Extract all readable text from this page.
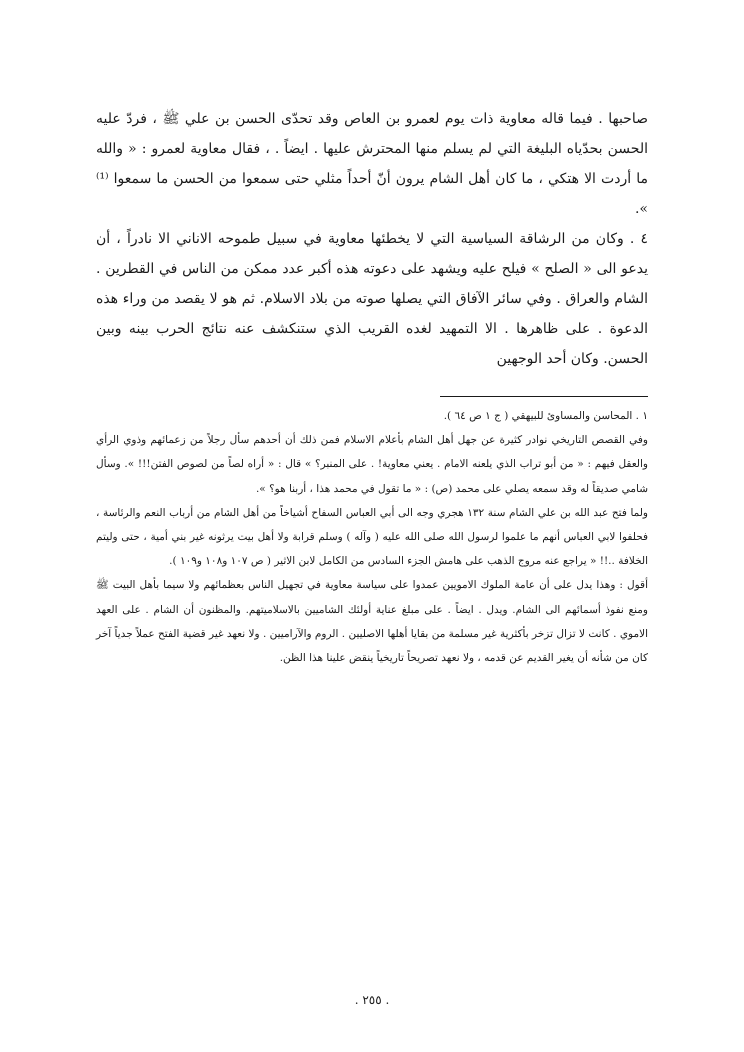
صاحبها . فيما قاله معاوية ذات يوم لعمرو بن العاص وقد تحدّى الحسن بن علي ﷺ ، فردّ عليه الحسن بحدّياه البليغة التي لم يسلم منها المحترش عليها . ايضاً . ، فقال معاوية لعمرو : « والله ما أردت الا هتكي ، ما كان أهل الشام يرون أنّ أحداً مثلي حتى سمعوا من الحسن ما سمعوا ⁽¹⁾ ».

٤ . وكان من الرشاقة السياسية التي لا يخطئها معاوية في سبيل طموحه الاناني الا نادراً ، أن يدعو الى « الصلح » فيلح عليه ويشهد على دعوته هذه أكبر عدد ممكن من الناس في القطرين . الشام والعراق . وفي سائر الآفاق التي يصلها صوته من بلاد الاسلام. ثم هو لا يقصد من وراء هذه الدعوة . على ظاهرها . الا التمهيد لغده القريب الذي ستنكشف عنه نتائج الحرب بينه وبين الحسن. وكان أحد الوجهين

١ . المحاسن والمساوئ للبيهقي ( ج ١ ص ٦٤ ).

وفي القصص التاريخي نوادر كثيرة عن جهل أهل الشام بأعلام الاسلام فمن ذلك أن أحدهم سأل رجلاً من زعمائهم وذوي الرأي والعقل فيهم : « من أبو تراب الذي يلعنه الامام . يعني معاوية! . على المنبر؟ » قال : « أراه لصاً من لصوص الفتن!!! ». وسأل شامي صديقاً له وقد سمعه يصلي على محمد (ص) : « ما تقول في محمد هذا ، أربنا هو؟ ».

ولما فتح عبد الله بن علي الشام سنة ١٣٢ هجري وجه الى أبي العباس السفاح أشياخاً من أهل الشام من أرباب النعم والرئاسة ، فحلفوا لابي العباس أنهم ما علموا لرسول الله صلى الله عليه ( وآله ) وسلم قرابة ولا أهل بيت يرثونه غير بني أمية ، حتى وليتم الخلافة ..!! « يراجع عنه مروج الذهب على هامش الجزء السادس من الكامل لابن الاثير ( ص ١٠٧ و١٠٨ و١٠٩ ).

أقول : وهذا يدل على أن عامة الملوك الامويين عمدوا على سياسة معاوية في تجهيل الناس بعظمائهم ولا سيما بأهل البيت ﷺ ومنع نفوذ أسمائهم الى الشام. ويدل . ايضاً . على مبلغ عناية أولئك الشاميين بالاسلاميتهم. والمظنون أن الشام . على العهد الاموي . كانت لا تزال تزخر بأكثرية غير مسلمة من بقايا أهلها الاصليين . الروم والآراميين . ولا نعهد غير قضية الفتح عملاً جدياً آخر كان من شأنه أن يغير القديم عن قدمه ، ولا نعهد تصريحاً تاريخياً ينقض علينا هذا الظن.

. ٢٥٥ .
